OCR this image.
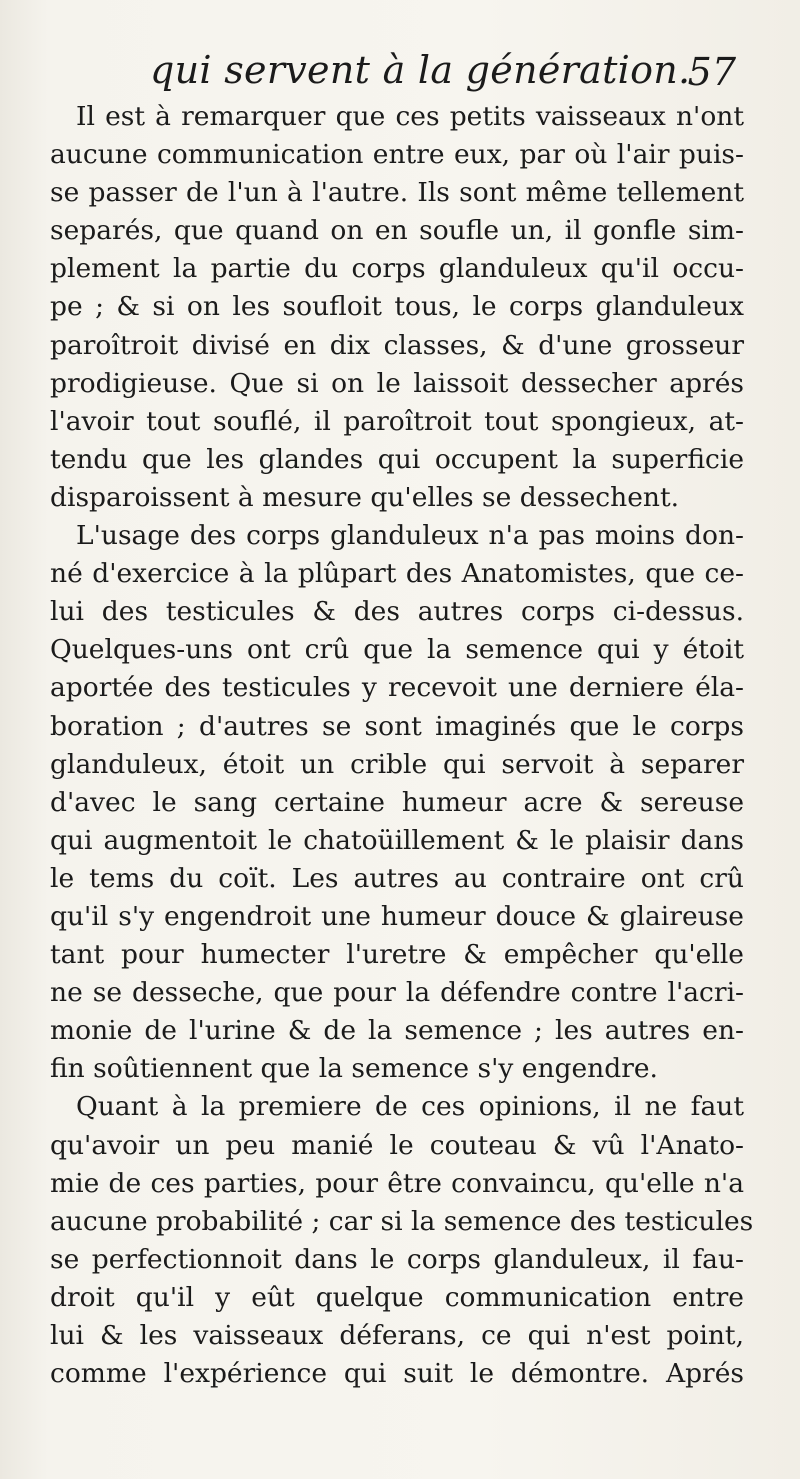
qui servent à la génération.
57
Il est à remarquer que ces petits vaisseaux n'ont
aucune communication entre eux, par où l'air puis-
se passer de l'un à l'autre. Ils sont même tellement
separés, que quand on en soufle un, il gonfle sim-
plement la partie du corps glanduleux qu'il occu-
pe ; & si on les soufloit tous, le corps glanduleux
paroîtroit divisé en dix classes, & d'une grosseur
prodigieuse. Que si on le laissoit dessecher aprés
l'avoir tout souflé, il paroîtroit tout spongieux, at-
tendu que les glandes qui occupent la superficie
disparoissent à mesure qu'elles se dessechent.
L'usage des corps glanduleux n'a pas moins don-
né d'exercice à la plûpart des Anatomistes, que ce-
lui des testicules & des autres corps ci-dessus.
Quelques-uns ont crû que la semence qui y étoit
aportée des testicules y recevoit une derniere éla-
boration ; d'autres se sont imaginés que le corps
glanduleux, étoit un crible qui servoit à separer
d'avec le sang certaine humeur acre & sereuse
qui augmentoit le chatoüillement & le plaisir dans
le tems du coït. Les autres au contraire ont crû
qu'il s'y engendroit une humeur douce & glaireuse
tant pour humecter l'uretre & empêcher qu'elle
ne se desseche, que pour la défendre contre l'acri-
monie de l'urine & de la semence ; les autres en-
fin soûtiennent que la semence s'y engendre.
Quant à la premiere de ces opinions, il ne faut
qu'avoir un peu manié le couteau & vû l'Anato-
mie de ces parties, pour être convaincu, qu'elle n'a
aucune probabilité ; car si la semence des testicules
se perfectionnoit dans le corps glanduleux, il fau-
droit qu'il y eût quelque communication entre
lui & les vaisseaux déferans, ce qui n'est point,
comme l'expérience qui suit le démontre. Aprés
